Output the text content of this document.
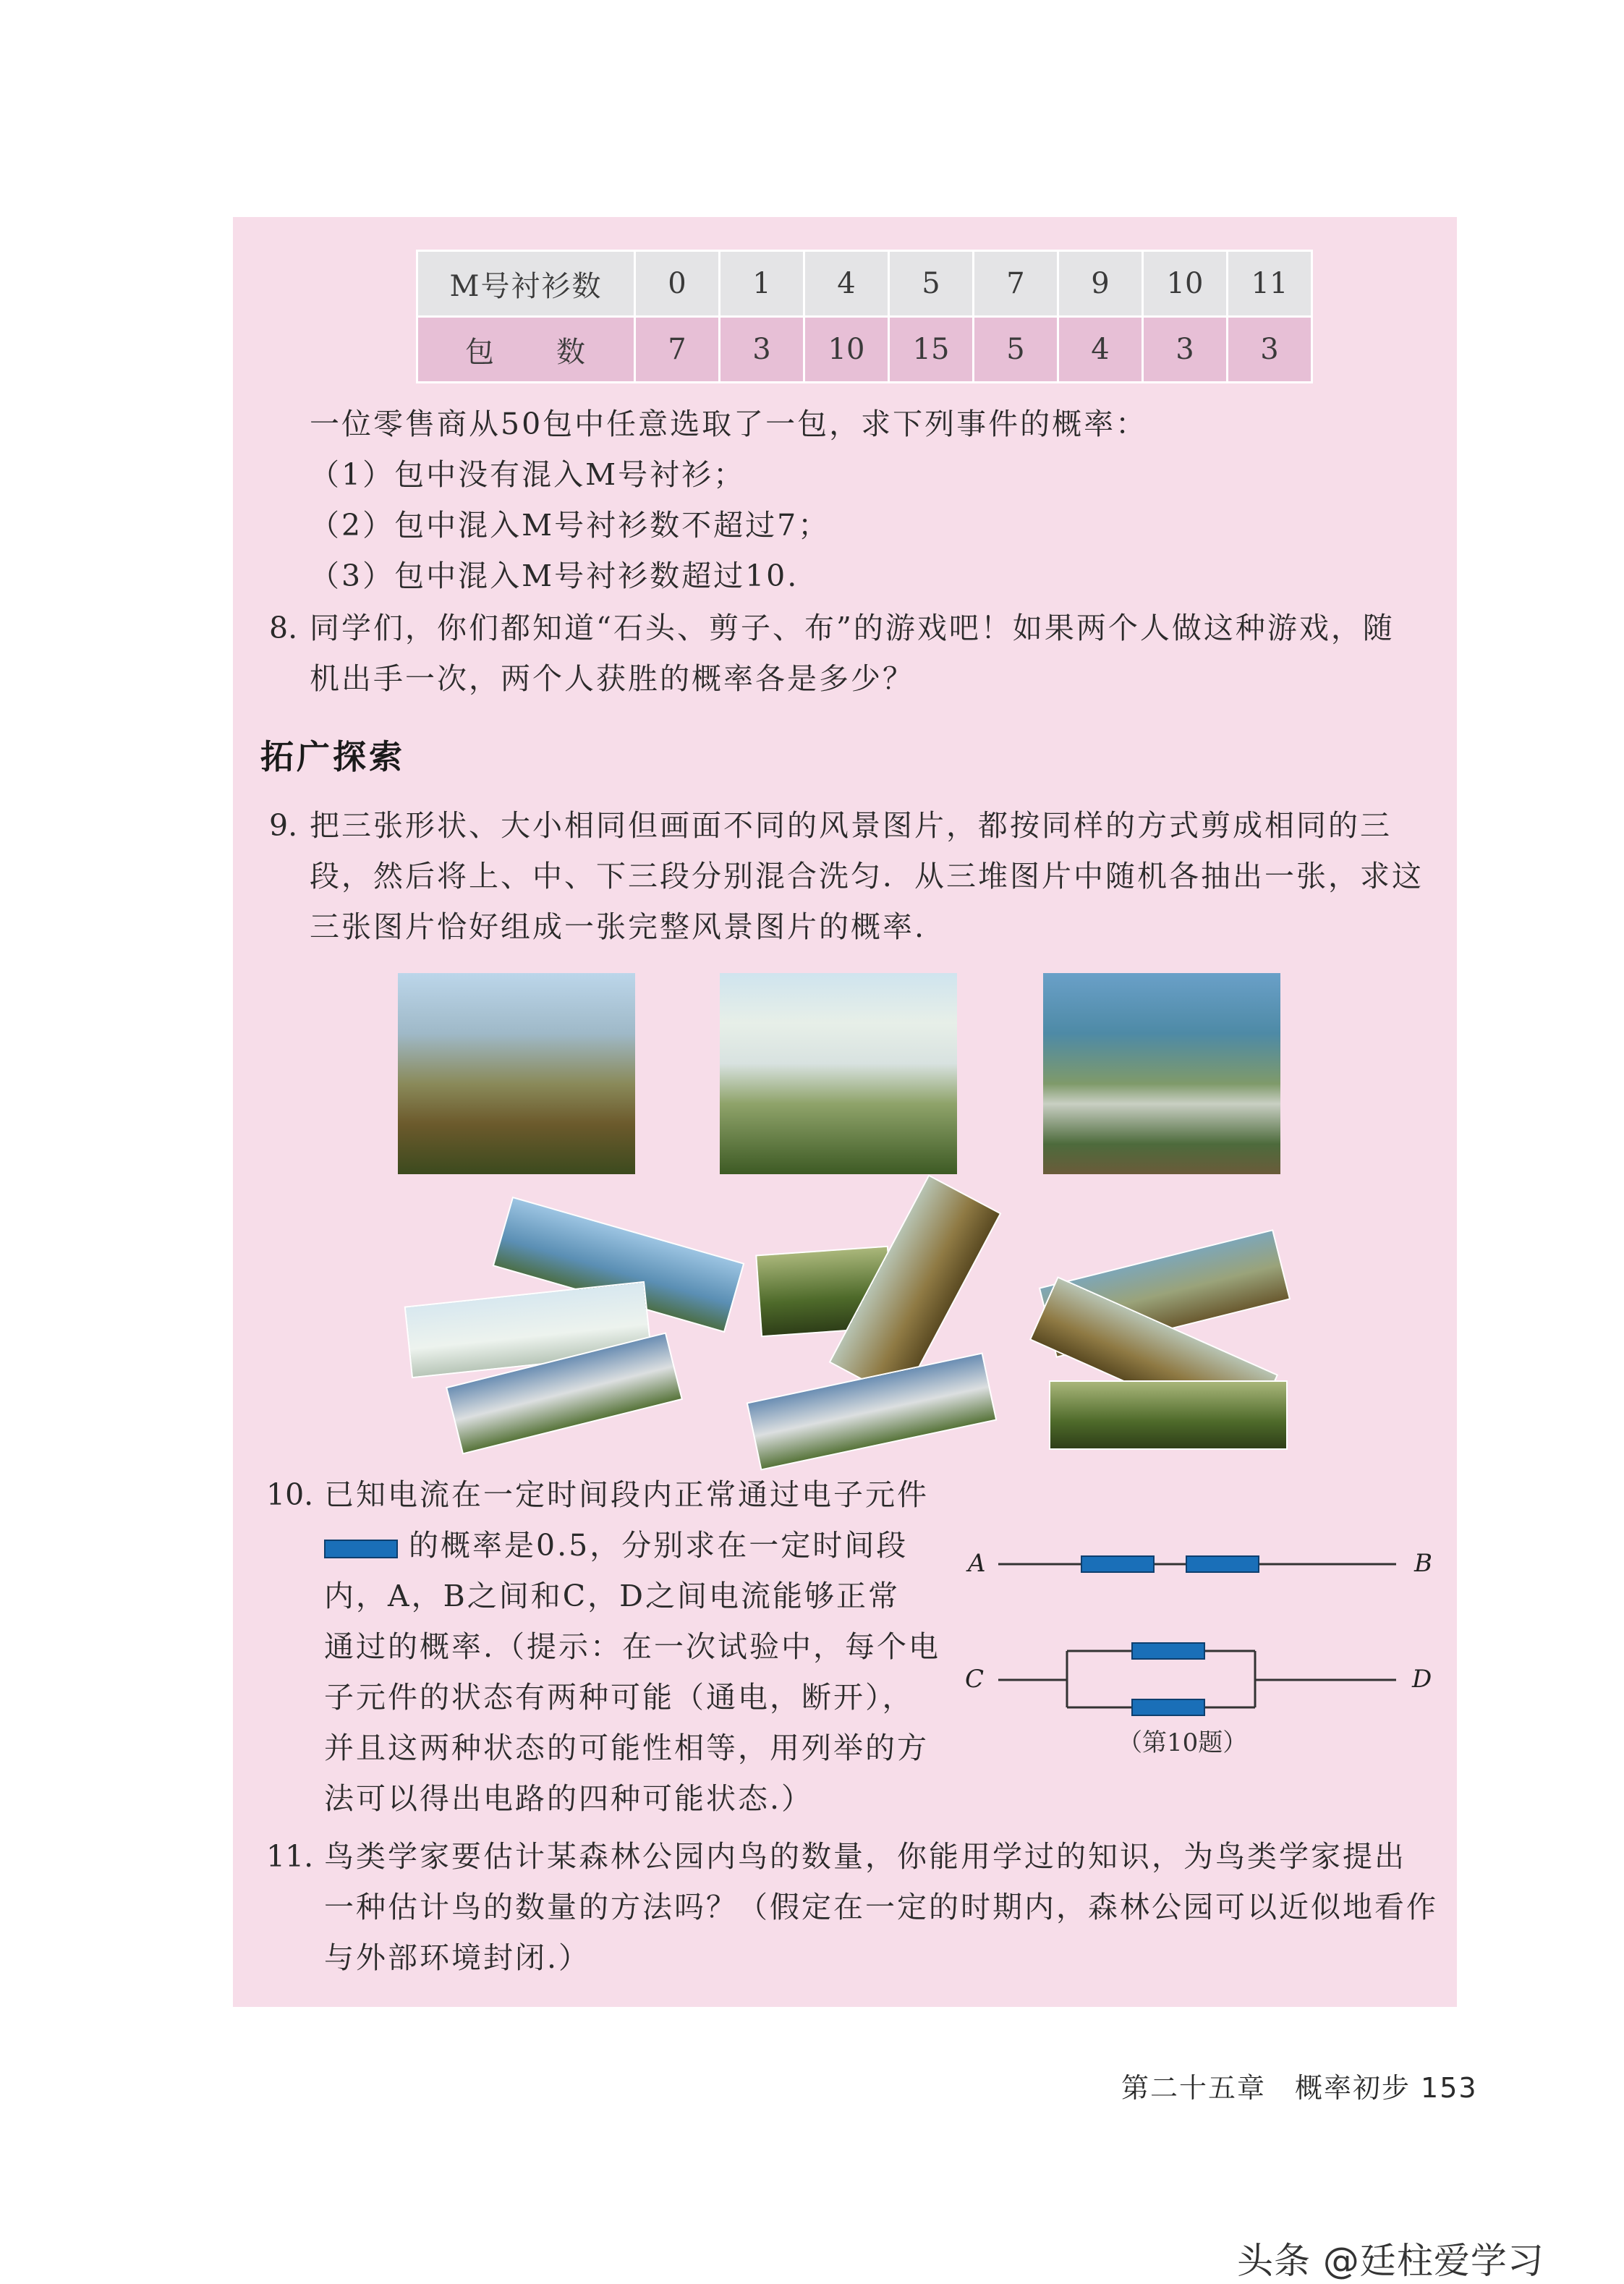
M号衬衫数	0	1	4	5	7	9	10	11
包　　数	7	3	10	15	5	4	3	3
一位零售商从50包中任意选取了一包，求下列事件的概率：
（1）包中没有混入M号衬衫；
（2）包中混入M号衬衫数不超过7；
（3）包中混入M号衬衫数超过10.
8. 同学们，你们都知道“石头、剪子、布”的游戏吧！如果两个人做这种游戏，随
机出手一次，两个人获胜的概率各是多少？
拓广探索
9. 把三张形状、大小相同但画面不同的风景图片，都按同样的方式剪成相同的三
段，然后将上、中、下三段分别混合洗匀．从三堆图片中随机各抽出一张，求这
三张图片恰好组成一张完整风景图片的概率.
10. 已知电流在一定时间段内正常通过电子元件
的概率是0.5，分别求在一定时间段
内，A，B之间和C，D之间电流能够正常
通过的概率.（提示：在一次试验中，每个电
子元件的状态有两种可能（通电，断开），
并且这两种状态的可能性相等，用列举的方
法可以得出电路的四种可能状态.）
A	B
C	D
（第10题）
11. 鸟类学家要估计某森林公园内鸟的数量，你能用学过的知识，为鸟类学家提出
一种估计鸟的数量的方法吗？（假定在一定的时期内，森林公园可以近似地看作
与外部环境封闭.）
第二十五章　概率初步 153
头条 @廷柱爱学习
